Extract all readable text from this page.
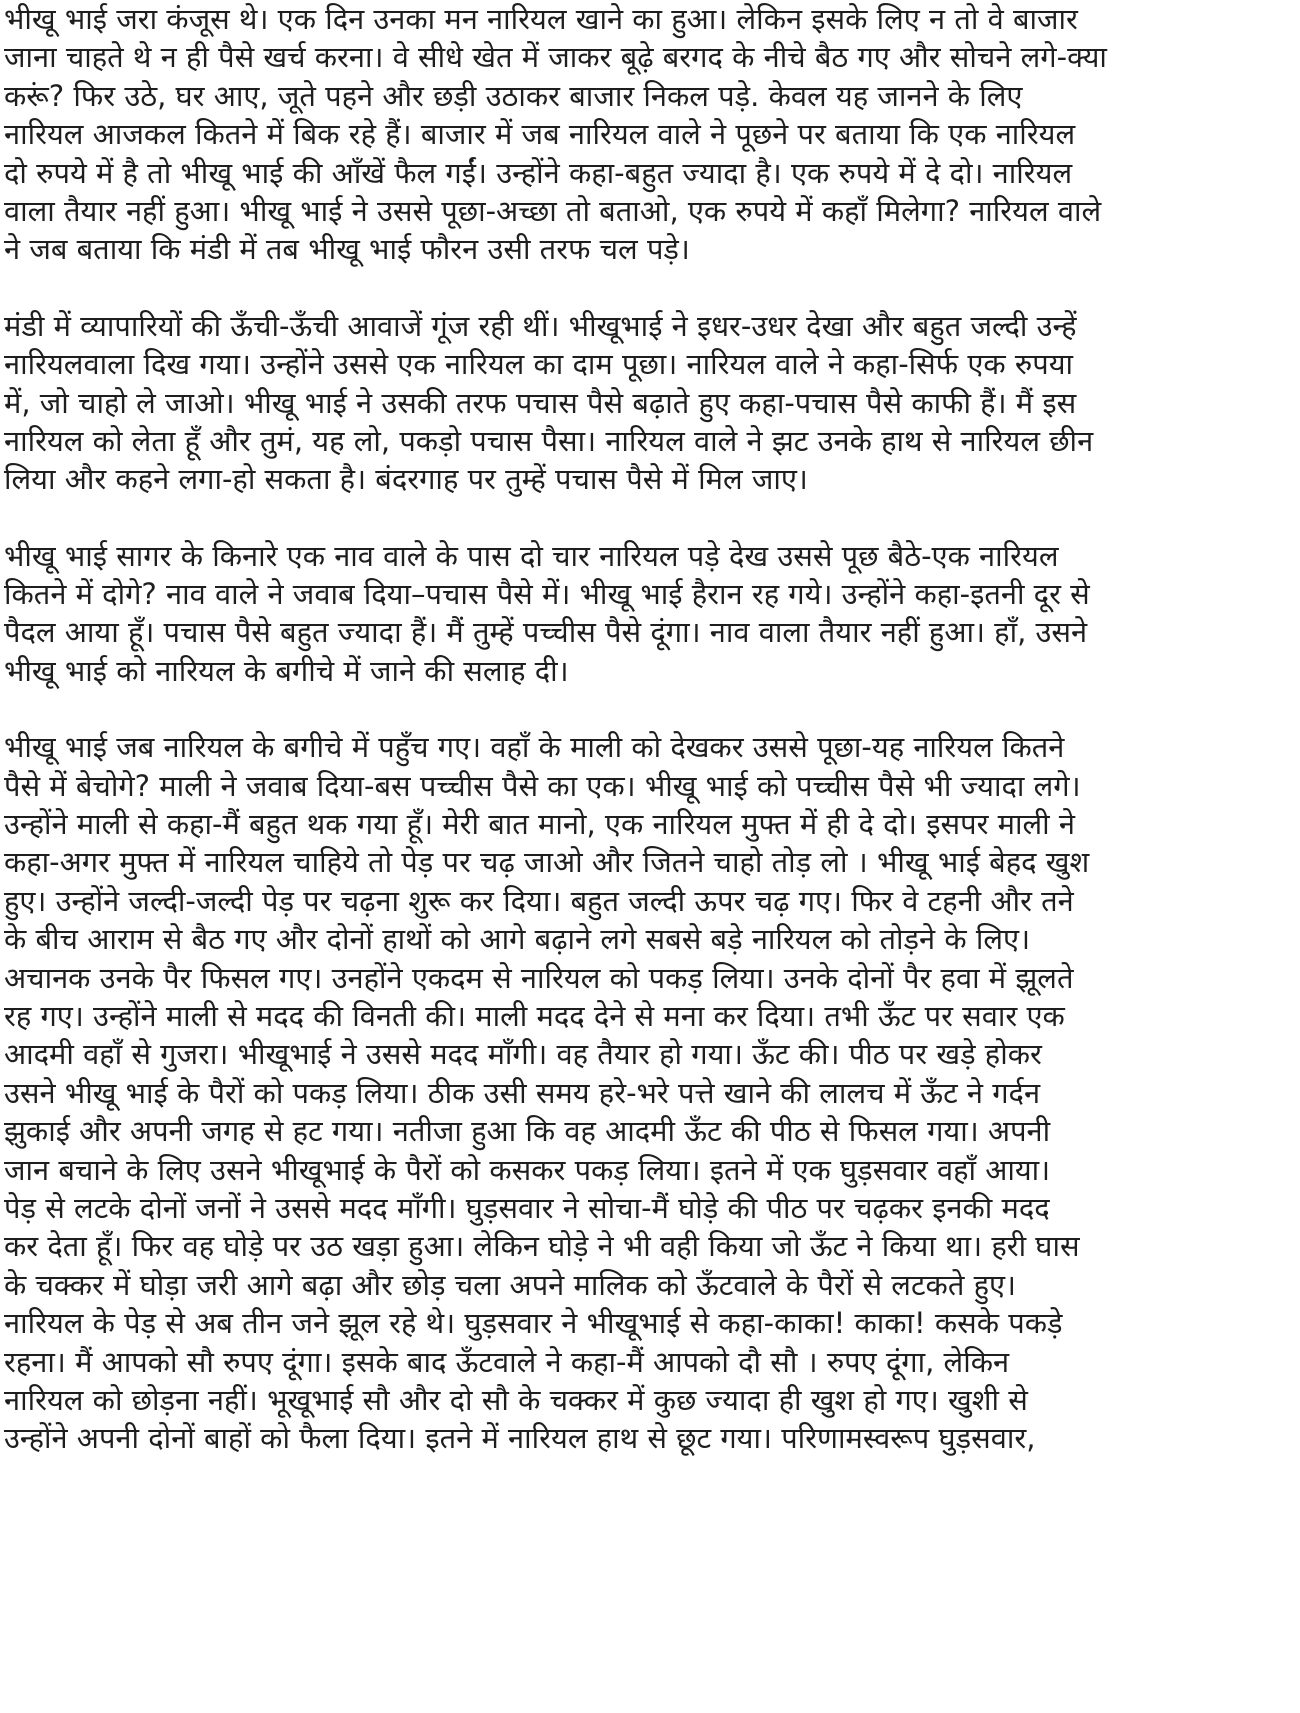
भीखू भाई जरा कंजूस थे। एक दिन उनका मन नारियल खाने का हुआ। लेकिन इसके लिए न तो वे बाजार
जाना चाहते थे न ही पैसे खर्च करना। वे सीधे खेत में जाकर बूढ़े बरगद के नीचे बैठ गए और सोचने लगे-क्या
करूं? फिर उठे, घर आए, जूते पहने और छड़ी उठाकर बाजार निकल पड़े. केवल यह जानने के लिए
नारियल आजकल कितने में बिक रहे हैं। बाजार में जब नारियल वाले ने पूछने पर बताया कि एक नारियल
दो रुपये में है तो भीखू भाई की आँखें फैल गईं। उन्होंने कहा-बहुत ज्यादा है। एक रुपये में दे दो। नारियल
वाला तैयार नहीं हुआ। भीखू भाई ने उससे पूछा-अच्छा तो बताओ, एक रुपये में कहाँ मिलेगा? नारियल वाले
ने जब बताया कि मंडी में तब भीखू भाई फौरन उसी तरफ चल पड़े।

मंडी में व्यापारियों की ऊँची-ऊँची आवाजें गूंज रही थीं। भीखूभाई ने इधर-उधर देखा और बहुत जल्दी उन्हें
नारियलवाला दिख गया। उन्होंने उससे एक नारियल का दाम पूछा। नारियल वाले ने कहा-सिर्फ एक रुपया
में, जो चाहो ले जाओ। भीखू भाई ने उसकी तरफ पचास पैसे बढ़ाते हुए कहा-पचास पैसे काफी हैं। मैं इस
नारियल को लेता हूँ और तुमं, यह लो, पकड़ो पचास पैसा। नारियल वाले ने झट उनके हाथ से नारियल छीन
लिया और कहने लगा-हो सकता है। बंदरगाह पर तुम्हें पचास पैसे में मिल जाए।

भीखू भाई सागर के किनारे एक नाव वाले के पास दो चार नारियल पड़े देख उससे पूछ बैठे-एक नारियल
कितने में दोगे? नाव वाले ने जवाब दिया–पचास पैसे में। भीखू भाई हैरान रह गये। उन्होंने कहा-इतनी दूर से
पैदल आया हूँ। पचास पैसे बहुत ज्यादा हैं। मैं तुम्हें पच्चीस पैसे दूंगा। नाव वाला तैयार नहीं हुआ। हाँ, उसने
भीखू भाई को नारियल के बगीचे में जाने की सलाह दी।

भीखू भाई जब नारियल के बगीचे में पहुँच गए। वहाँ के माली को देखकर उससे पूछा-यह नारियल कितने
पैसे में बेचोगे? माली ने जवाब दिया-बस पच्चीस पैसे का एक। भीखू भाई को पच्चीस पैसे भी ज्यादा लगे।
उन्होंने माली से कहा-मैं बहुत थक गया हूँ। मेरी बात मानो, एक नारियल मुफ्त में ही दे दो। इसपर माली ने
कहा-अगर मुफ्त में नारियल चाहिये तो पेड़ पर चढ़ जाओ और जितने चाहो तोड़ लो । भीखू भाई बेहद खुश
हुए। उन्होंने जल्दी-जल्दी पेड़ पर चढ़ना शुरू कर दिया। बहुत जल्दी ऊपर चढ़ गए। फिर वे टहनी और तने
के बीच आराम से बैठ गए और दोनों हाथों को आगे बढ़ाने लगे सबसे बड़े नारियल को तोड़ने के लिए।
अचानक उनके पैर फिसल गए। उनहोंने एकदम से नारियल को पकड़ लिया। उनके दोनों पैर हवा में झूलते
रह गए। उन्होंने माली से मदद की विनती की। माली मदद देने से मना कर दिया। तभी ऊँट पर सवार एक
आदमी वहाँ से गुजरा। भीखूभाई ने उससे मदद माँगी। वह तैयार हो गया। ऊँट की। पीठ पर खड़े होकर
उसने भीखू भाई के पैरों को पकड़ लिया। ठीक उसी समय हरे-भरे पत्ते खाने की लालच में ऊँट ने गर्दन
झुकाई और अपनी जगह से हट गया। नतीजा हुआ कि वह आदमी ऊँट की पीठ से फिसल गया। अपनी
जान बचाने के लिए उसने भीखूभाई के पैरों को कसकर पकड़ लिया। इतने में एक घुड़सवार वहाँ आया।
पेड़ से लटके दोनों जनों ने उससे मदद माँगी। घुड़सवार ने सोचा-मैं घोड़े की पीठ पर चढ़कर इनकी मदद
कर देता हूँ। फिर वह घोड़े पर उठ खड़ा हुआ। लेकिन घोड़े ने भी वही किया जो ऊँट ने किया था। हरी घास
के चक्कर में घोड़ा जरी आगे बढ़ा और छोड़ चला अपने मालिक को ऊँटवाले के पैरों से लटकते हुए।
नारियल के पेड़ से अब तीन जने झूल रहे थे। घुड़सवार ने भीखूभाई से कहा-काका! काका! कसके पकड़े
रहना। मैं आपको सौ रुपए दूंगा। इसके बाद ऊँटवाले ने कहा-मैं आपको दौ सौ । रुपए दूंगा, लेकिन
नारियल को छोड़ना नहीं। भूखूभाई सौ और दो सौ के चक्कर में कुछ ज्यादा ही खुश हो गए। खुशी से
उन्होंने अपनी दोनों बाहों को फैला दिया। इतने में नारियल हाथ से छूट गया। परिणामस्वरूप घुड़सवार,
